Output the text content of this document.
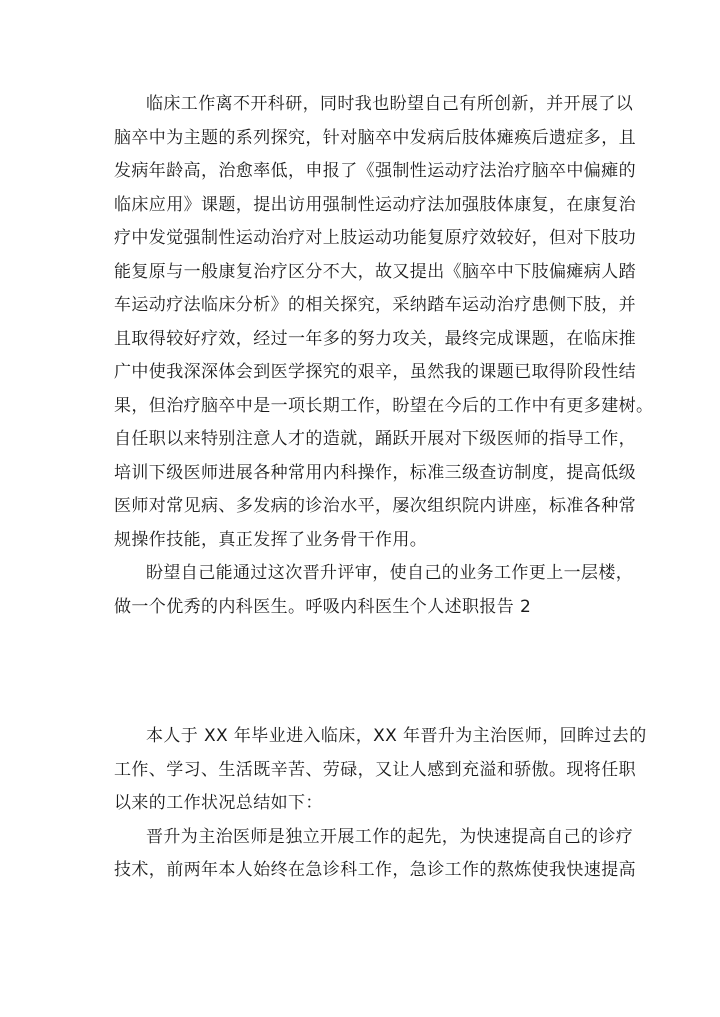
临床工作离不开科研，同时我也盼望自己有所创新，并开展了以
脑卒中为主题的系列探究，针对脑卒中发病后肢体瘫痪后遗症多，且
发病年龄高，治愈率低，申报了《强制性运动疗法治疗脑卒中偏瘫的
临床应用》课题，提出访用强制性运动疗法加强肢体康复，在康复治
疗中发觉强制性运动治疗对上肢运动功能复原疗效较好，但对下肢功
能复原与一般康复治疗区分不大，故又提出《脑卒中下肢偏瘫病人踏
车运动疗法临床分析》的相关探究，采纳踏车运动治疗患侧下肢，并
且取得较好疗效，经过一年多的努力攻关，最终完成课题，在临床推
广中使我深深体会到医学探究的艰辛，虽然我的课题已取得阶段性结
果，但治疗脑卒中是一项长期工作，盼望在今后的工作中有更多建树。
自任职以来特别注意人才的造就，踊跃开展对下级医师的指导工作，
培训下级医师进展各种常用内科操作，标准三级查访制度，提高低级
医师对常见病、多发病的诊治水平，屡次组织院内讲座，标准各种常
规操作技能，真正发挥了业务骨干作用。
盼望自己能通过这次晋升评审，使自己的业务工作更上一层楼，
做一个优秀的内科医生。呼吸内科医生个人述职报告 2
本人于 XX 年毕业进入临床，XX 年晋升为主治医师，回眸过去的
工作、学习、生活既辛苦、劳碌，又让人感到充溢和骄傲。现将任职
以来的工作状况总结如下：
晋升为主治医师是独立开展工作的起先，为快速提高自己的诊疗
技术，前两年本人始终在急诊科工作，急诊工作的熬炼使我快速提高
